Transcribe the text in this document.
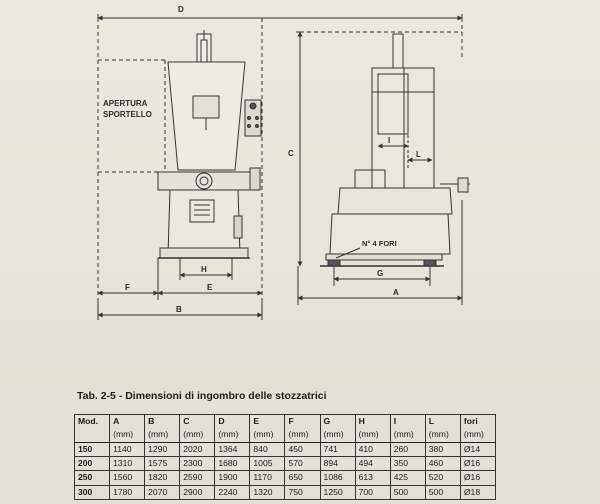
D
APERTURA
SPORTELLO
H
F	E
B
C
I
L
N° 4 FORI
G
A
Tab. 2-5 - Dimensioni di ingombro delle stozzatrici
Mod.	A	B	C	D	E	F	G	H	I	L	fori
	(mm)	(mm)	(mm)	(mm)	(mm)	(mm)	(mm)	(mm)	(mm)	(mm)	(mm)
150	1140	1290	2020	1364	840	450	741	410	260	380	Ø14
200	1310	1575	2300	1680	1005	570	894	494	350	460	Ø16
250	1560	1820	2590	1900	1170	650	1086	613	425	520	Ø16
300	1780	2070	2900	2240	1320	750	1250	700	500	500	Ø18
